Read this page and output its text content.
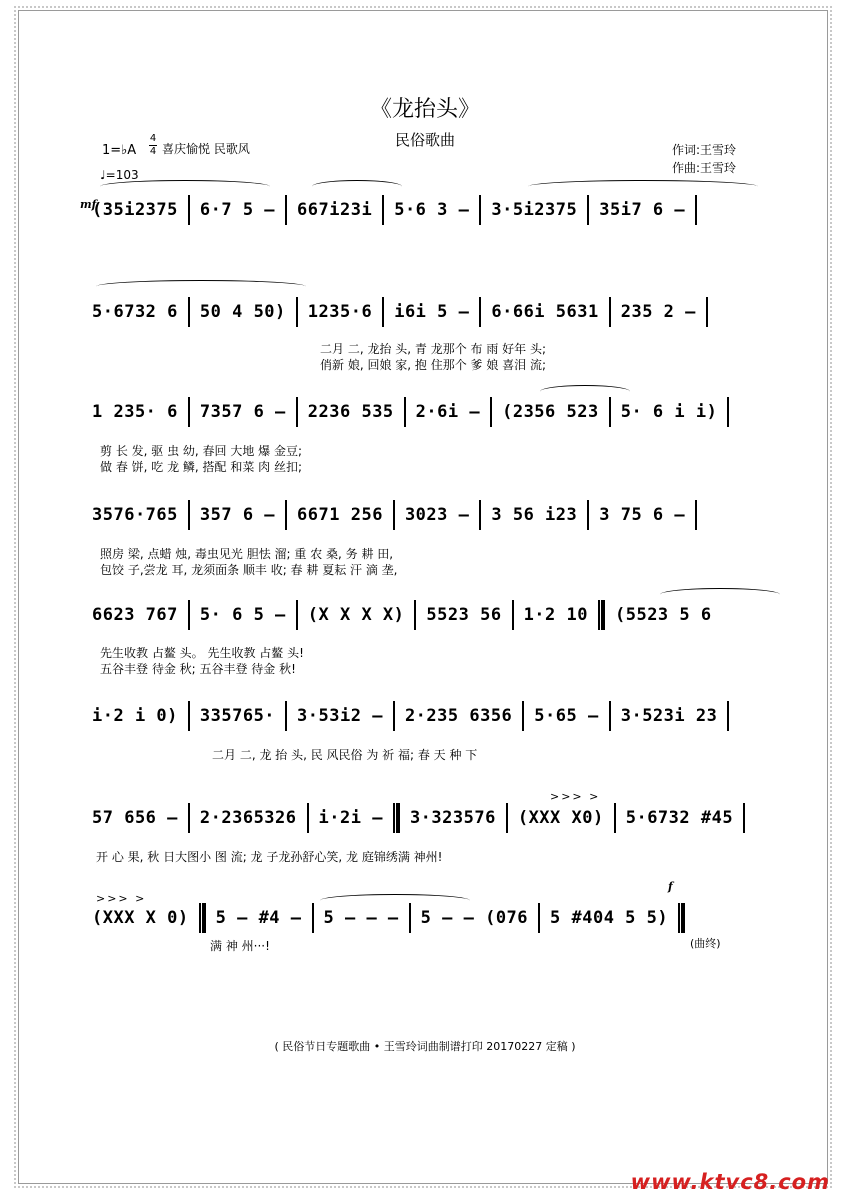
《龙抬头》
民俗歌曲
1=♭A
4
4 喜庆愉悦 民歌风
♩=103
作词:王雪玲
作曲:王雪玲
mf
(35i2375 6·7 5 – 667i23i 5·6 3 – 3·5i2375 35i7 6 –
5·6732 6 50 4 50) 1235·6 i6i 5 – 6·66i 5631 235 2 –
二月 二, 龙抬 头, 青 龙那个 布 雨 好年 头;
俏新 娘, 回娘 家, 抱 住那个 爹 娘 喜泪 流;
1 235· 6 7357 6 – 2236 535 2·6i – (2356 523 5· 6 i i)
剪 长 发, 驱 虫 幼, 春回 大地 爆 金豆;
做 春 饼, 吃 龙 鳞, 搭配 和菜 肉 丝扣;
3576·765 357 6 – 6671 256 3023 – 3 56 i23 3 75 6 –
照房 梁, 点蜡 烛, 毒虫见光 胆怯 溜; 重 农 桑, 务 耕 田,
包饺 子,尝龙 耳, 龙须面条 顺丰 收; 春 耕 夏耘 汗 滴 垄,
6623 767 5· 6 5 – (X X X X) 5523 56 1·2 10 (5523 5 6
先生收教 占鳌 头。 先生收教 占鳌 头!
五谷丰登 待金 秋; 五谷丰登 待金 秋!
i·2 i 0) 335765· 3·53i2 – 2·235 6356 5·65 – 3·523i 23
二月 二, 龙 抬 头, 民 风民俗 为 祈 福; 春 天 种 下
>>> >
57 656 – 2·2365326 i·2i – 3·323576 (XXX X0) 5·6732 #45
开 心 果, 秋 日大图小 图 流; 龙 子龙孙舒心笑, 龙 庭锦绣满 神州!
>>> >
f
(XXX X 0) 5 – #4 – 5 – – – 5 – – (076 5 #404 5 5)
满 神 州···!	(曲终)
( 民俗节日专题歌曲 • 王雪玲词曲制谱打印 20170227 定稿 )
www.ktvc8.com
